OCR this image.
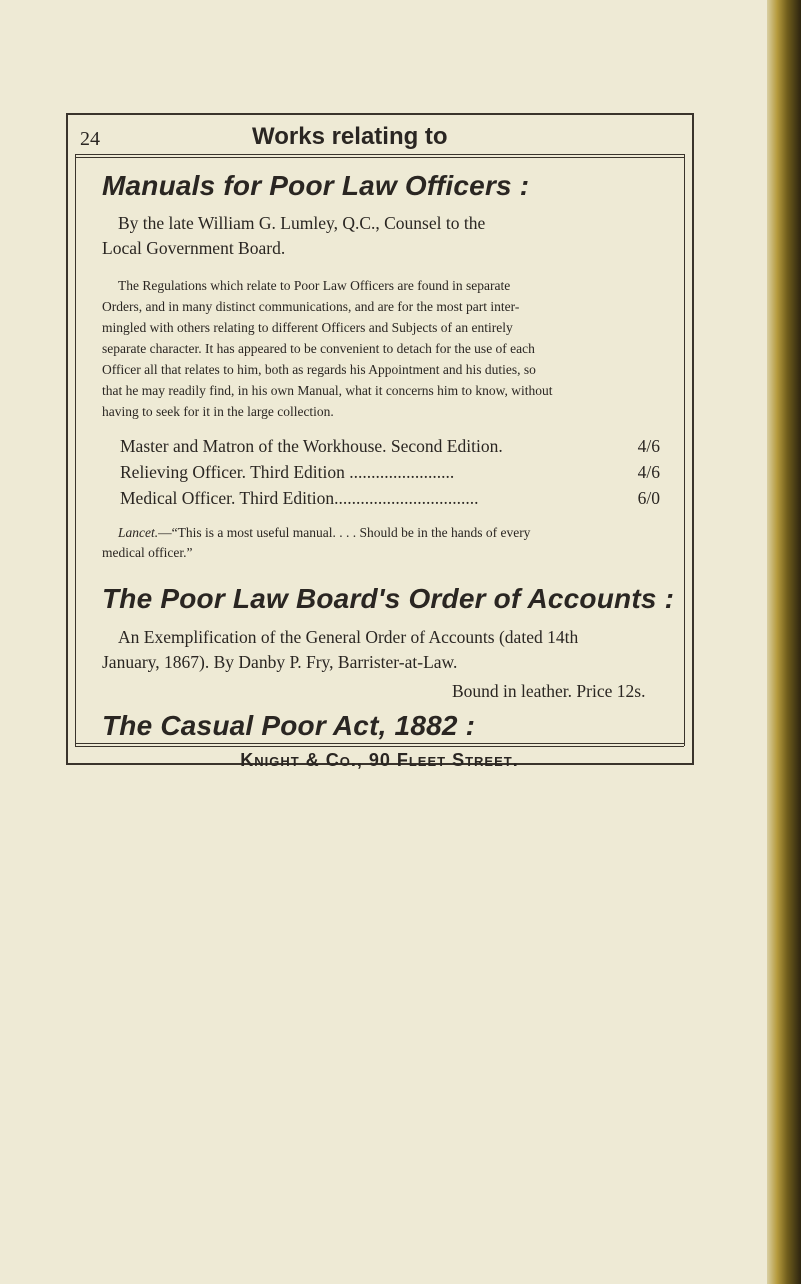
24	Works relating to
Manuals for Poor Law Officers :
By the late William G. Lumley, Q.C., Counsel to the
Local Government Board.
The Regulations which relate to Poor Law Officers are found in separate
Orders, and in many distinct communications, and are for the most part inter-
mingled with others relating to different Officers and Subjects of an entirely
separate character. It has appeared to be convenient to detach for the use of each
Officer all that relates to him, both as regards his Appointment and his duties, so
that he may readily find, in his own Manual, what it concerns him to know, without
having to seek for it in the large collection.
Master and Matron of the Workhouse. Second Edition.	4/6
Relieving Officer. Third Edition ........................	4/6
Medical Officer. Third Edition.................................	6/0
Lancet.—“This is a most useful manual. . . . Should be in the hands of every
medical officer.”
The Poor Law Board's Order of Accounts :
An Exemplification of the General Order of Accounts (dated 14th
January, 1867). By Danby P. Fry, Barrister-at-Law.
Bound in leather. Price 12s.
The Casual Poor Act, 1882 :
Knight & Co., 90 Fleet Street.
